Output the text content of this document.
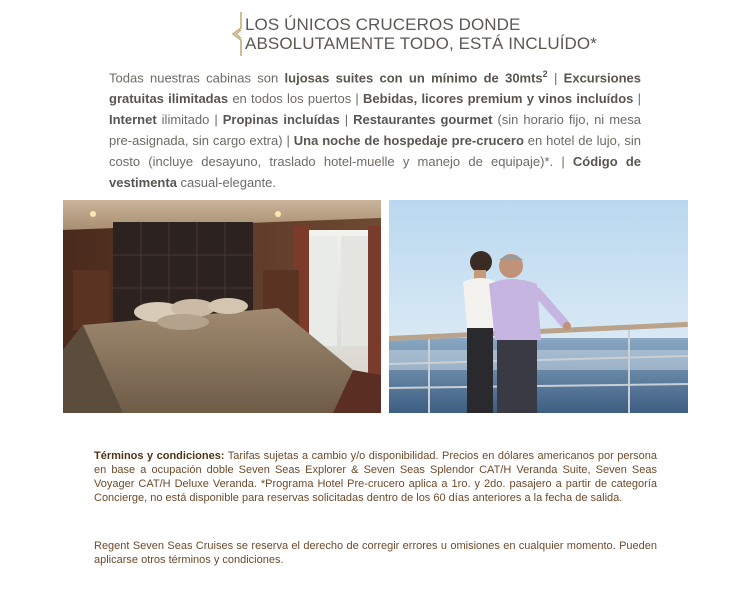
LOS ÚNICOS CRUCEROS DONDE
ABSOLUTAMENTE TODO, ESTÁ INCLUÍDO*
Todas nuestras cabinas son lujosas suites con un mínimo de 30mts$^2$ | Excursiones gratuitas ilimitadas en todos los puertos | Bebidas, licores premium y vinos incluídos | Internet ilimitado | Propinas incluídas | Restaurantes gourmet (sin horario fijo, ni mesa pre-asignada, sin cargo extra) | Una noche de hospedaje pre-crucero en hotel de lujo, sin costo (incluye desayuno, traslado hotel-muelle y manejo de equipaje)*. | Código de vestimenta casual-elegante.
Términos y condiciones: Tarifas sujetas a cambio y/o disponibilidad. Precios en dólares americanos por persona en base a ocupación doble Seven Seas Explorer & Seven Seas Splendor CAT/H Veranda Suite, Seven Seas Voyager CAT/H Deluxe Veranda. *Programa Hotel Pre-crucero aplica a 1ro. y 2do. pasajero a partir de categoría Concierge, no está disponible para reservas solicitadas dentro de los 60 días anteriores a la fecha de salida.
Regent Seven Seas Cruises se reserva el derecho de corregir errores u omisiones en cualquier momento. Pueden aplicarse otros términos y condiciones.
